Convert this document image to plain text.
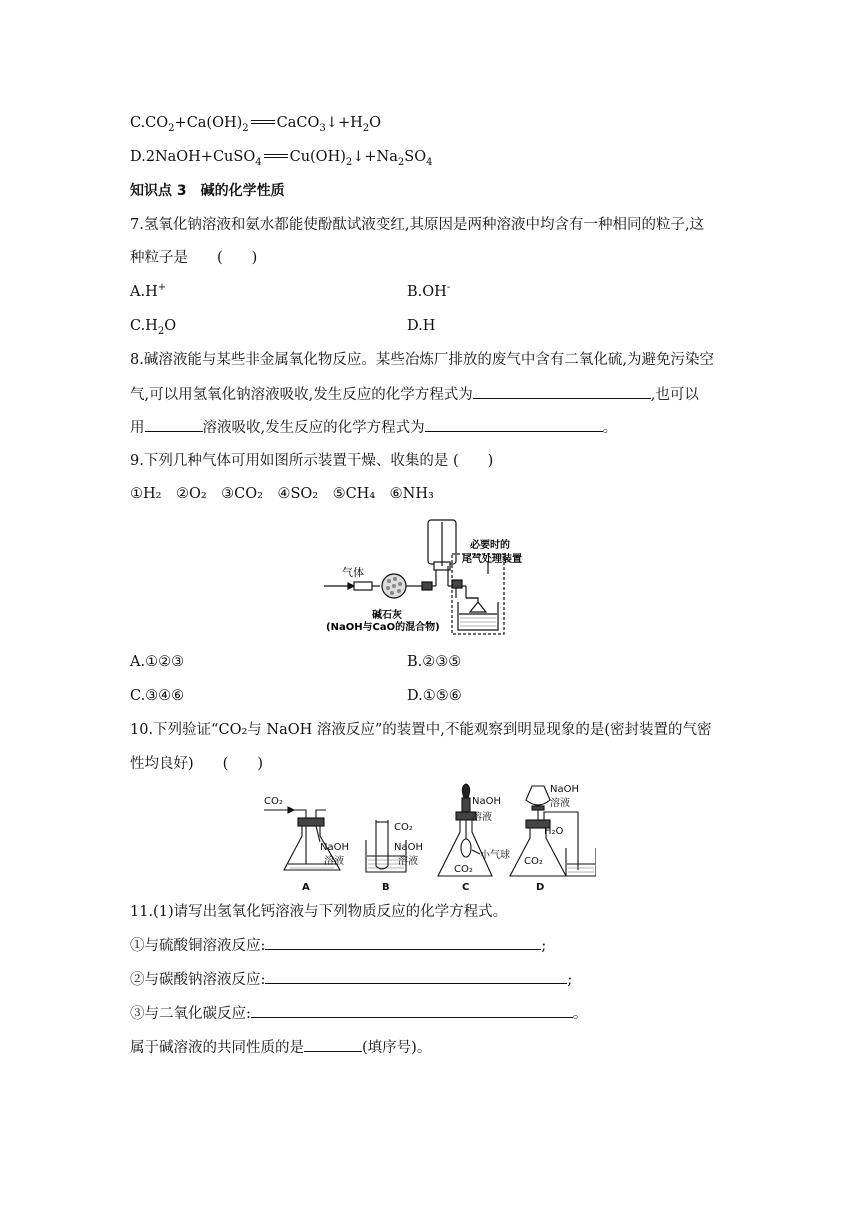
$C.CO_2+Ca(OH)_2$ $CaCO_3↓+H_2O$
D.2NaOH+CuSO$_4$ $Cu(OH)_2↓+Na_2SO_4$
知识点 3　碱的化学性质
7.氢氧化钠溶液和氨水都能使酚酞试液变红,其原因是两种溶液中均含有一种相同的粒子,这
种粒子是　　(　　)
A.H+	B.OH-
$C.H_2O$	D.H
8.碱溶液能与某些非金属氧化物反应。某些冶炼厂排放的废气中含有二氧化硫,为避免污染空
气,可以用氢氧化钠溶液吸收,发生反应的化学方程式为	,也可以
用	溶液吸收,发生反应的化学方程式为	。
9.下列几种气体可用如图所示装置干燥、收集的是 (　　)
①H₂　②O₂　③CO₂　④SO₂　⑤CH₄　⑥NH₃
气体
碱石灰
(NaOH与CaO的混合物)
必要时的
尾气处理装置
A.①②③	B.②③⑤
C.③④⑥	D.①⑤⑥
10.下列验证“CO₂与 NaOH 溶液反应”的装置中,不能观察到明显现象的是(密封装置的气密
性均良好)　　(　　)
CO₂
NaOH
溶液
CO₂
NaOH
溶液
NaOH
溶液
小气球
CO₂
NaOH
溶液
H₂O
CO₂
A	B	C	D
11.(1)请写出氢氧化钙溶液与下列物质反应的化学方程式。
①与硫酸铜溶液反应:	;
②与碳酸钠溶液反应:	;
③与二氧化碳反应:	。
属于碱溶液的共同性质的是	(填序号)。
